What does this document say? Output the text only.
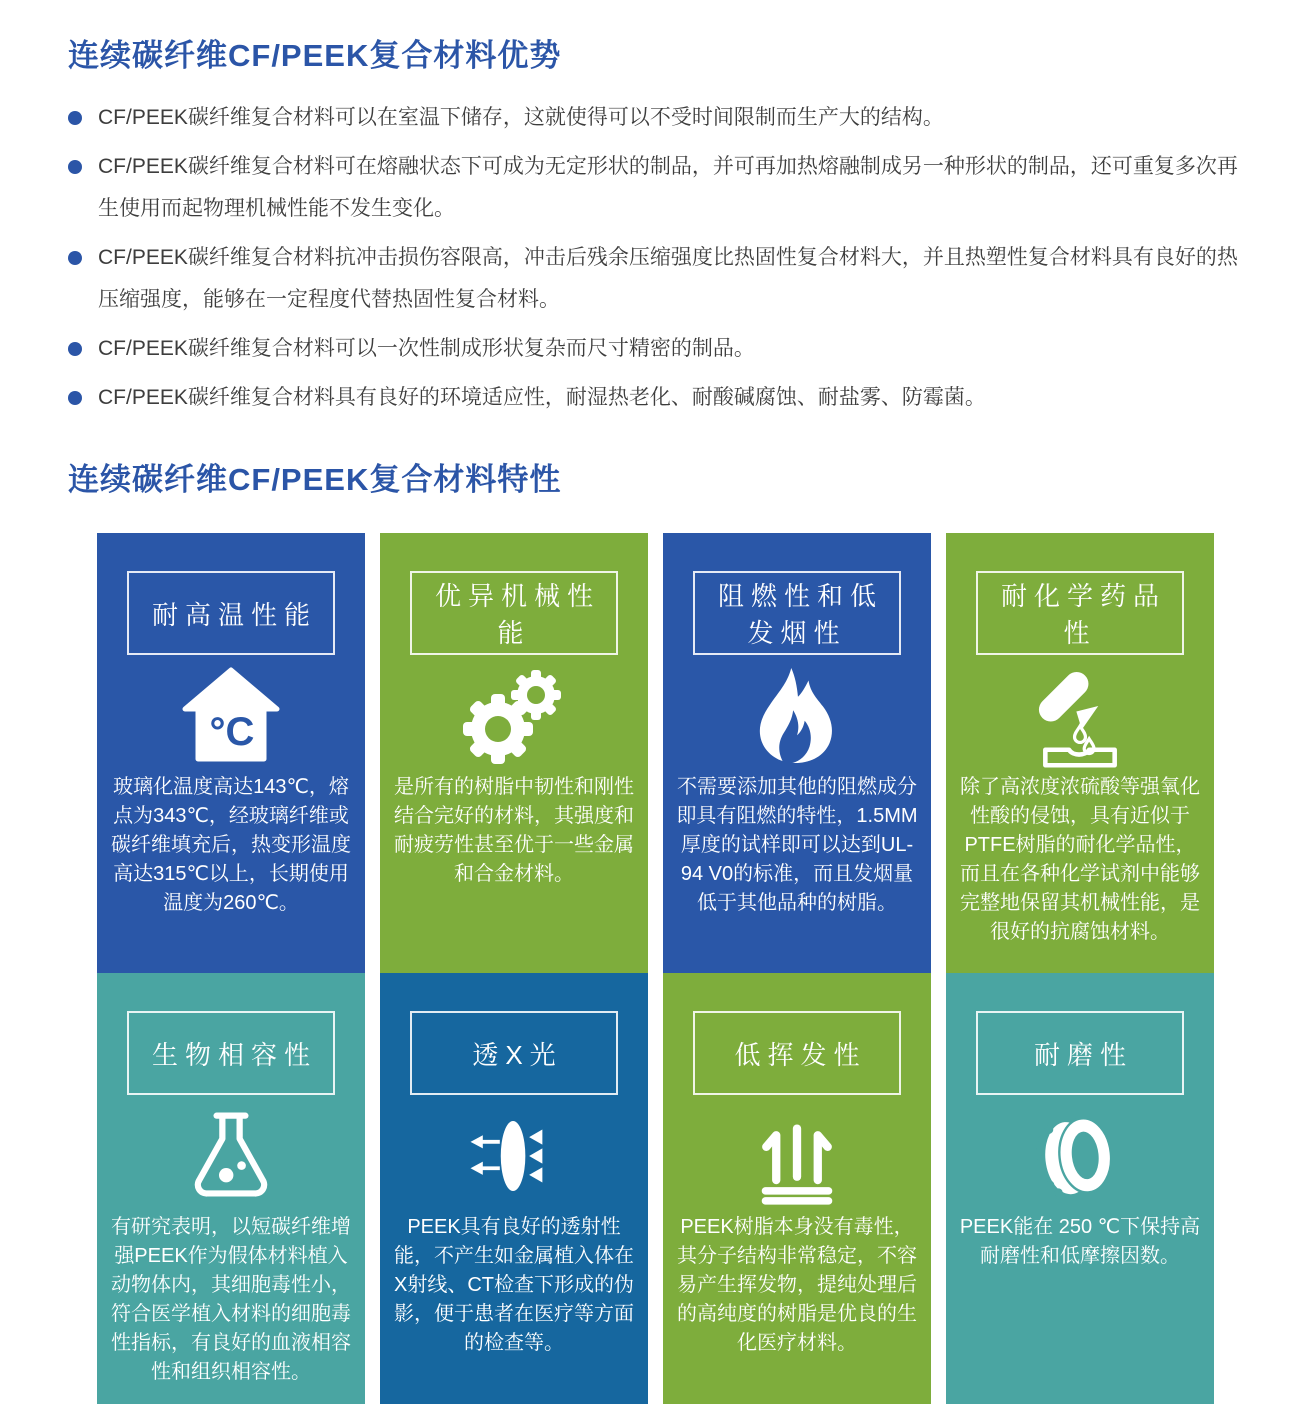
连续碳纤维CF/PEEK复合材料优势
CF/PEEK碳纤维复合材料可以在室温下储存，这就使得可以不受时间限制而生产大的结构。
CF/PEEK碳纤维复合材料可在熔融状态下可成为无定形状的制品，并可再加热熔融制成另一种形状的制品，还可重复多次再生使用而起物理机械性能不发生变化。
CF/PEEK碳纤维复合材料抗冲击损伤容限高，冲击后残余压缩强度比热固性复合材料大，并且热塑性复合材料具有良好的热压缩强度，能够在一定程度代替热固性复合材料。
CF/PEEK碳纤维复合材料可以一次性制成形状复杂而尺寸精密的制品。
CF/PEEK碳纤维复合材料具有良好的环境适应性，耐湿热老化、耐酸碱腐蚀、耐盐雾、防霉菌。
连续碳纤维CF/PEEK复合材料特性
耐高温性能
°C
玻璃化温度高达143℃，熔点为343℃，经玻璃纤维或碳纤维填充后，热变形温度高达315℃以上，长期使用温度为260℃。
优异机械性能
是所有的树脂中韧性和刚性结合完好的材料，其强度和耐疲劳性甚至优于一些金属和合金材料。
阻燃性和低发烟性
不需要添加其他的阻燃成分即具有阻燃的特性，1.5MM厚度的试样即可以达到UL-94 V0的标准，而且发烟量低于其他品种的树脂。
耐化学药品性
除了高浓度浓硫酸等强氧化性酸的侵蚀，具有近似于PTFE树脂的耐化学品性，而且在各种化学试剂中能够完整地保留其机械性能，是很好的抗腐蚀材料。
生物相容性
有研究表明，以短碳纤维增强PEEK作为假体材料植入动物体内，其细胞毒性小，符合医学植入材料的细胞毒性指标，有良好的血液相容性和组织相容性。
透X光
PEEK具有良好的透射性能，不产生如金属植入体在X射线、CT检查下形成的伪影，便于患者在医疗等方面的检查等。
低挥发性
PEEK树脂本身没有毒性，其分子结构非常稳定，不容易产生挥发物，提纯处理后的高纯度的树脂是优良的生化医疗材料。
耐磨性
PEEK能在 250 ℃下保持高耐磨性和低摩擦因数。
